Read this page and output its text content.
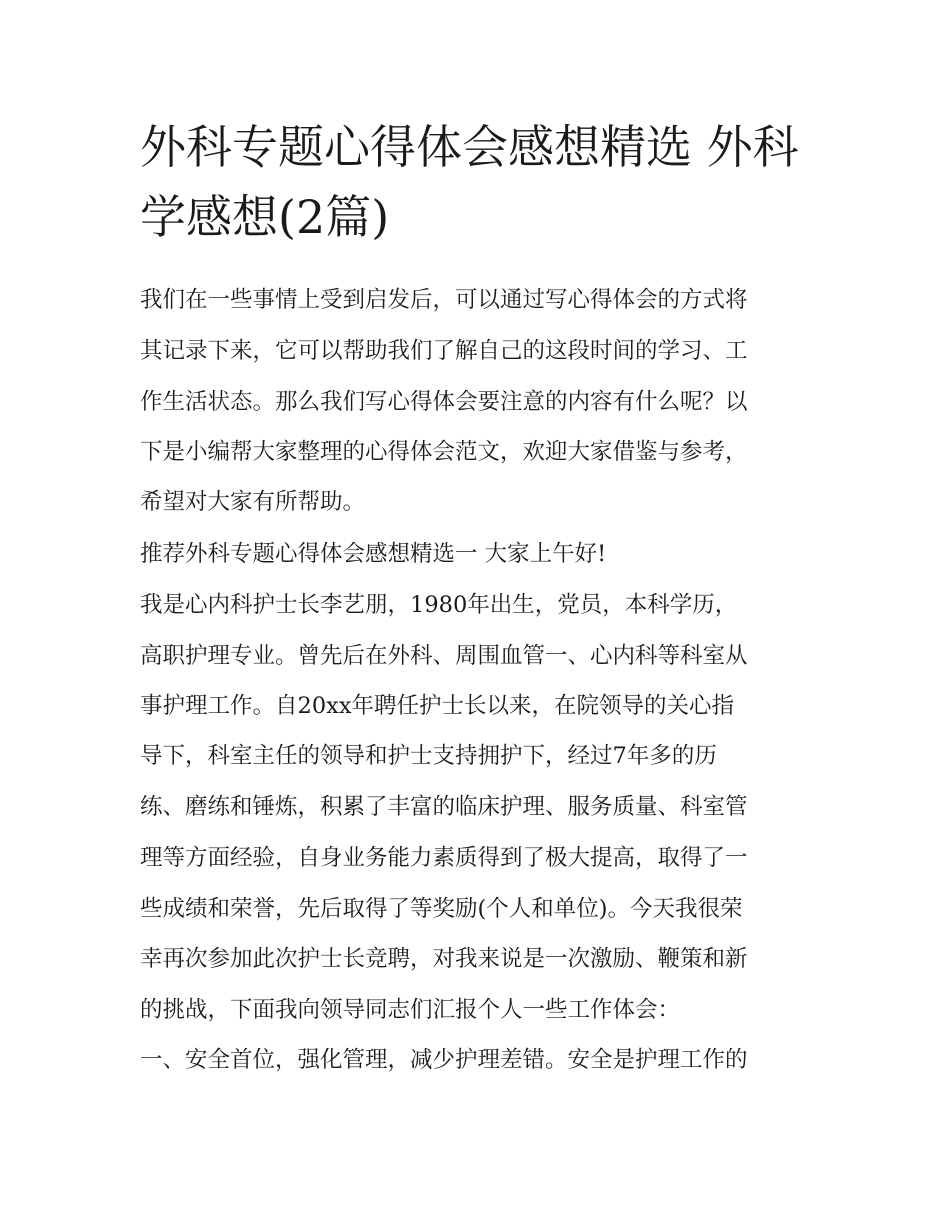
外科专题心得体会感想精选 外科学感想(2篇)

我们在一些事情上受到启发后，可以通过写心得体会的方式将

其记录下来，它可以帮助我们了解自己的这段时间的学习、工

作生活状态。那么我们写心得体会要注意的内容有什么呢？以

下是小编帮大家整理的心得体会范文，欢迎大家借鉴与参考，

希望对大家有所帮助。

推荐外科专题心得体会感想精选一 大家上午好!

我是心内科护士长李艺朋，1980年出生，党员，本科学历，

高职护理专业。曾先后在外科、周围血管一、心内科等科室从

事护理工作。自20xx年聘任护士长以来，在院领导的关心指

导下，科室主任的领导和护士支持拥护下，经过7年多的历

练、磨练和锤炼，积累了丰富的临床护理、服务质量、科室管

理等方面经验，自身业务能力素质得到了极大提高，取得了一

些成绩和荣誉，先后取得了等奖励(个人和单位)。今天我很荣

幸再次参加此次护士长竞聘，对我来说是一次激励、鞭策和新

的挑战，下面我向领导同志们汇报个人一些工作体会：

一、安全首位，强化管理，减少护理差错。安全是护理工作的
